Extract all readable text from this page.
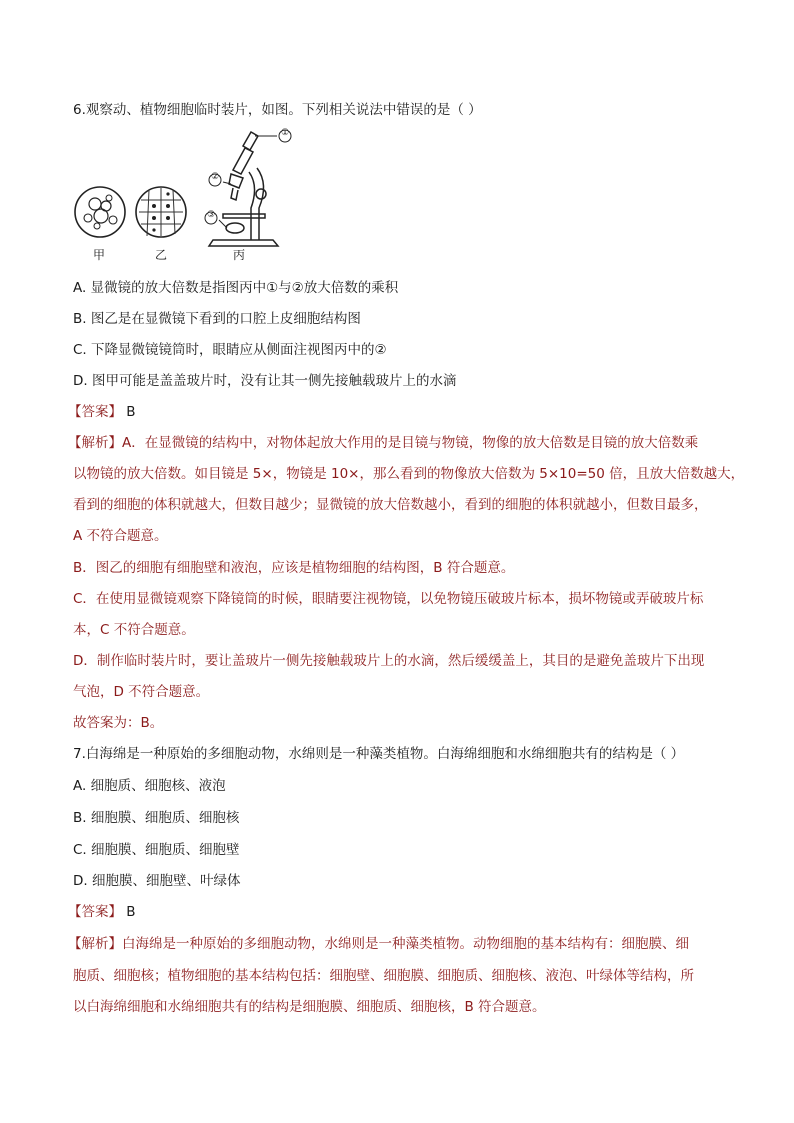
6.观察动、植物细胞临时装片，如图。下列相关说法中错误的是（ ）
①
②
③
甲	乙	丙
A. 显微镜的放大倍数是指图丙中①与②放大倍数的乘积
B. 图乙是在显微镜下看到的口腔上皮细胞结构图
C. 下降显微镜镜筒时，眼睛应从侧面注视图丙中的②
D. 图甲可能是盖盖玻片时，没有让其一侧先接触载玻片上的水滴
【答案】 B
【解析】A．在显微镜的结构中，对物体起放大作用的是目镜与物镜，物像的放大倍数是目镜的放大倍数乘
以物镜的放大倍数。如目镜是 5×，物镜是 10×，那么看到的物像放大倍数为 5×10=50 倍，且放大倍数越大，
看到的细胞的体积就越大，但数目越少；显微镜的放大倍数越小，看到的细胞的体积就越小，但数目最多，
A 不符合题意。
B．图乙的细胞有细胞壁和液泡，应该是植物细胞的结构图，B 符合题意。
C．在使用显微镜观察下降镜筒的时候，眼睛要注视物镜，以免物镜压破玻片标本，损坏物镜或弄破玻片标
本，C 不符合题意。
D．制作临时装片时，要让盖玻片一侧先接触载玻片上的水滴，然后缓缓盖上，其目的是避免盖玻片下出现
气泡，D 不符合题意。
故答案为：B。
7.白海绵是一种原始的多细胞动物，水绵则是一种藻类植物。白海绵细胞和水绵细胞共有的结构是（ ）
A. 细胞质、细胞核、液泡
B. 细胞膜、细胞质、细胞核
C. 细胞膜、细胞质、细胞壁
D. 细胞膜、细胞壁、叶绿体
【答案】 B
【解析】白海绵是一种原始的多细胞动物，水绵则是一种藻类植物。动物细胞的基本结构有：细胞膜、细
胞质、细胞核；植物细胞的基本结构包括：细胞壁、细胞膜、细胞质、细胞核、液泡、叶绿体等结构，所
以白海绵细胞和水绵细胞共有的结构是细胞膜、细胞质、细胞核，B 符合题意。
